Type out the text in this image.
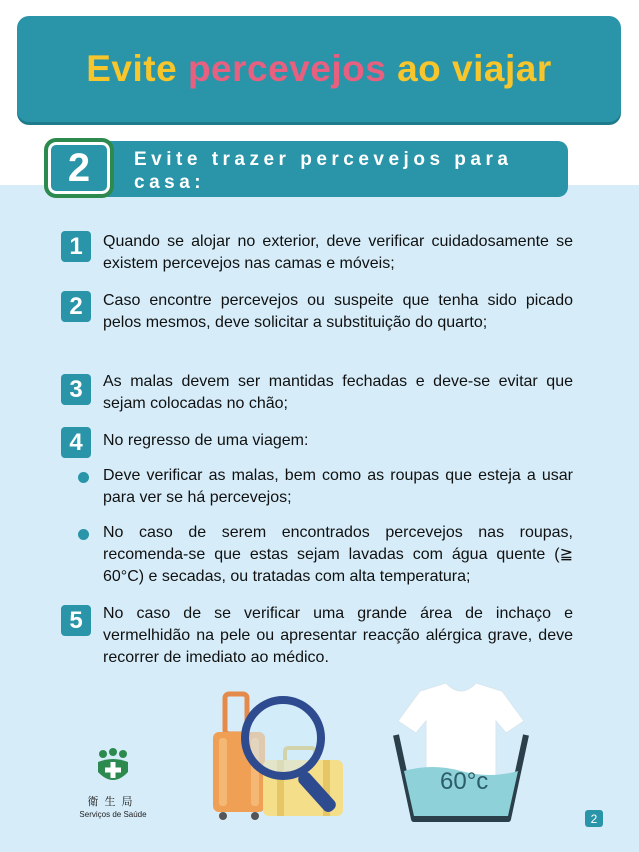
Evite percevejos ao viajar
2	Evite trazer percevejos para casa:
1	Quando se alojar no exterior, deve verificar cuidadosamente se existem percevejos nas camas e móveis;
2	Caso encontre percevejos ou suspeite que tenha sido picado pelos mesmos, deve solicitar a substituição do quarto;
3	As malas devem ser mantidas fechadas e deve-se evitar que sejam colocadas no chão;
4	No regresso de uma viagem:
Deve verificar as malas, bem como as roupas que esteja a usar para ver se há percevejos;
No caso de serem encontrados percevejos nas roupas, recomenda-se que estas sejam lavadas com água quente (≧ 60°C) e secadas, ou tratadas com alta temperatura;
5	No caso de se verificar uma grande área de inchaço e vermelhidão na pele ou apresentar reacção alérgica grave, deve recorrer de imediato ao médico.
60°c
衛生局
Serviços de Saúde	2
